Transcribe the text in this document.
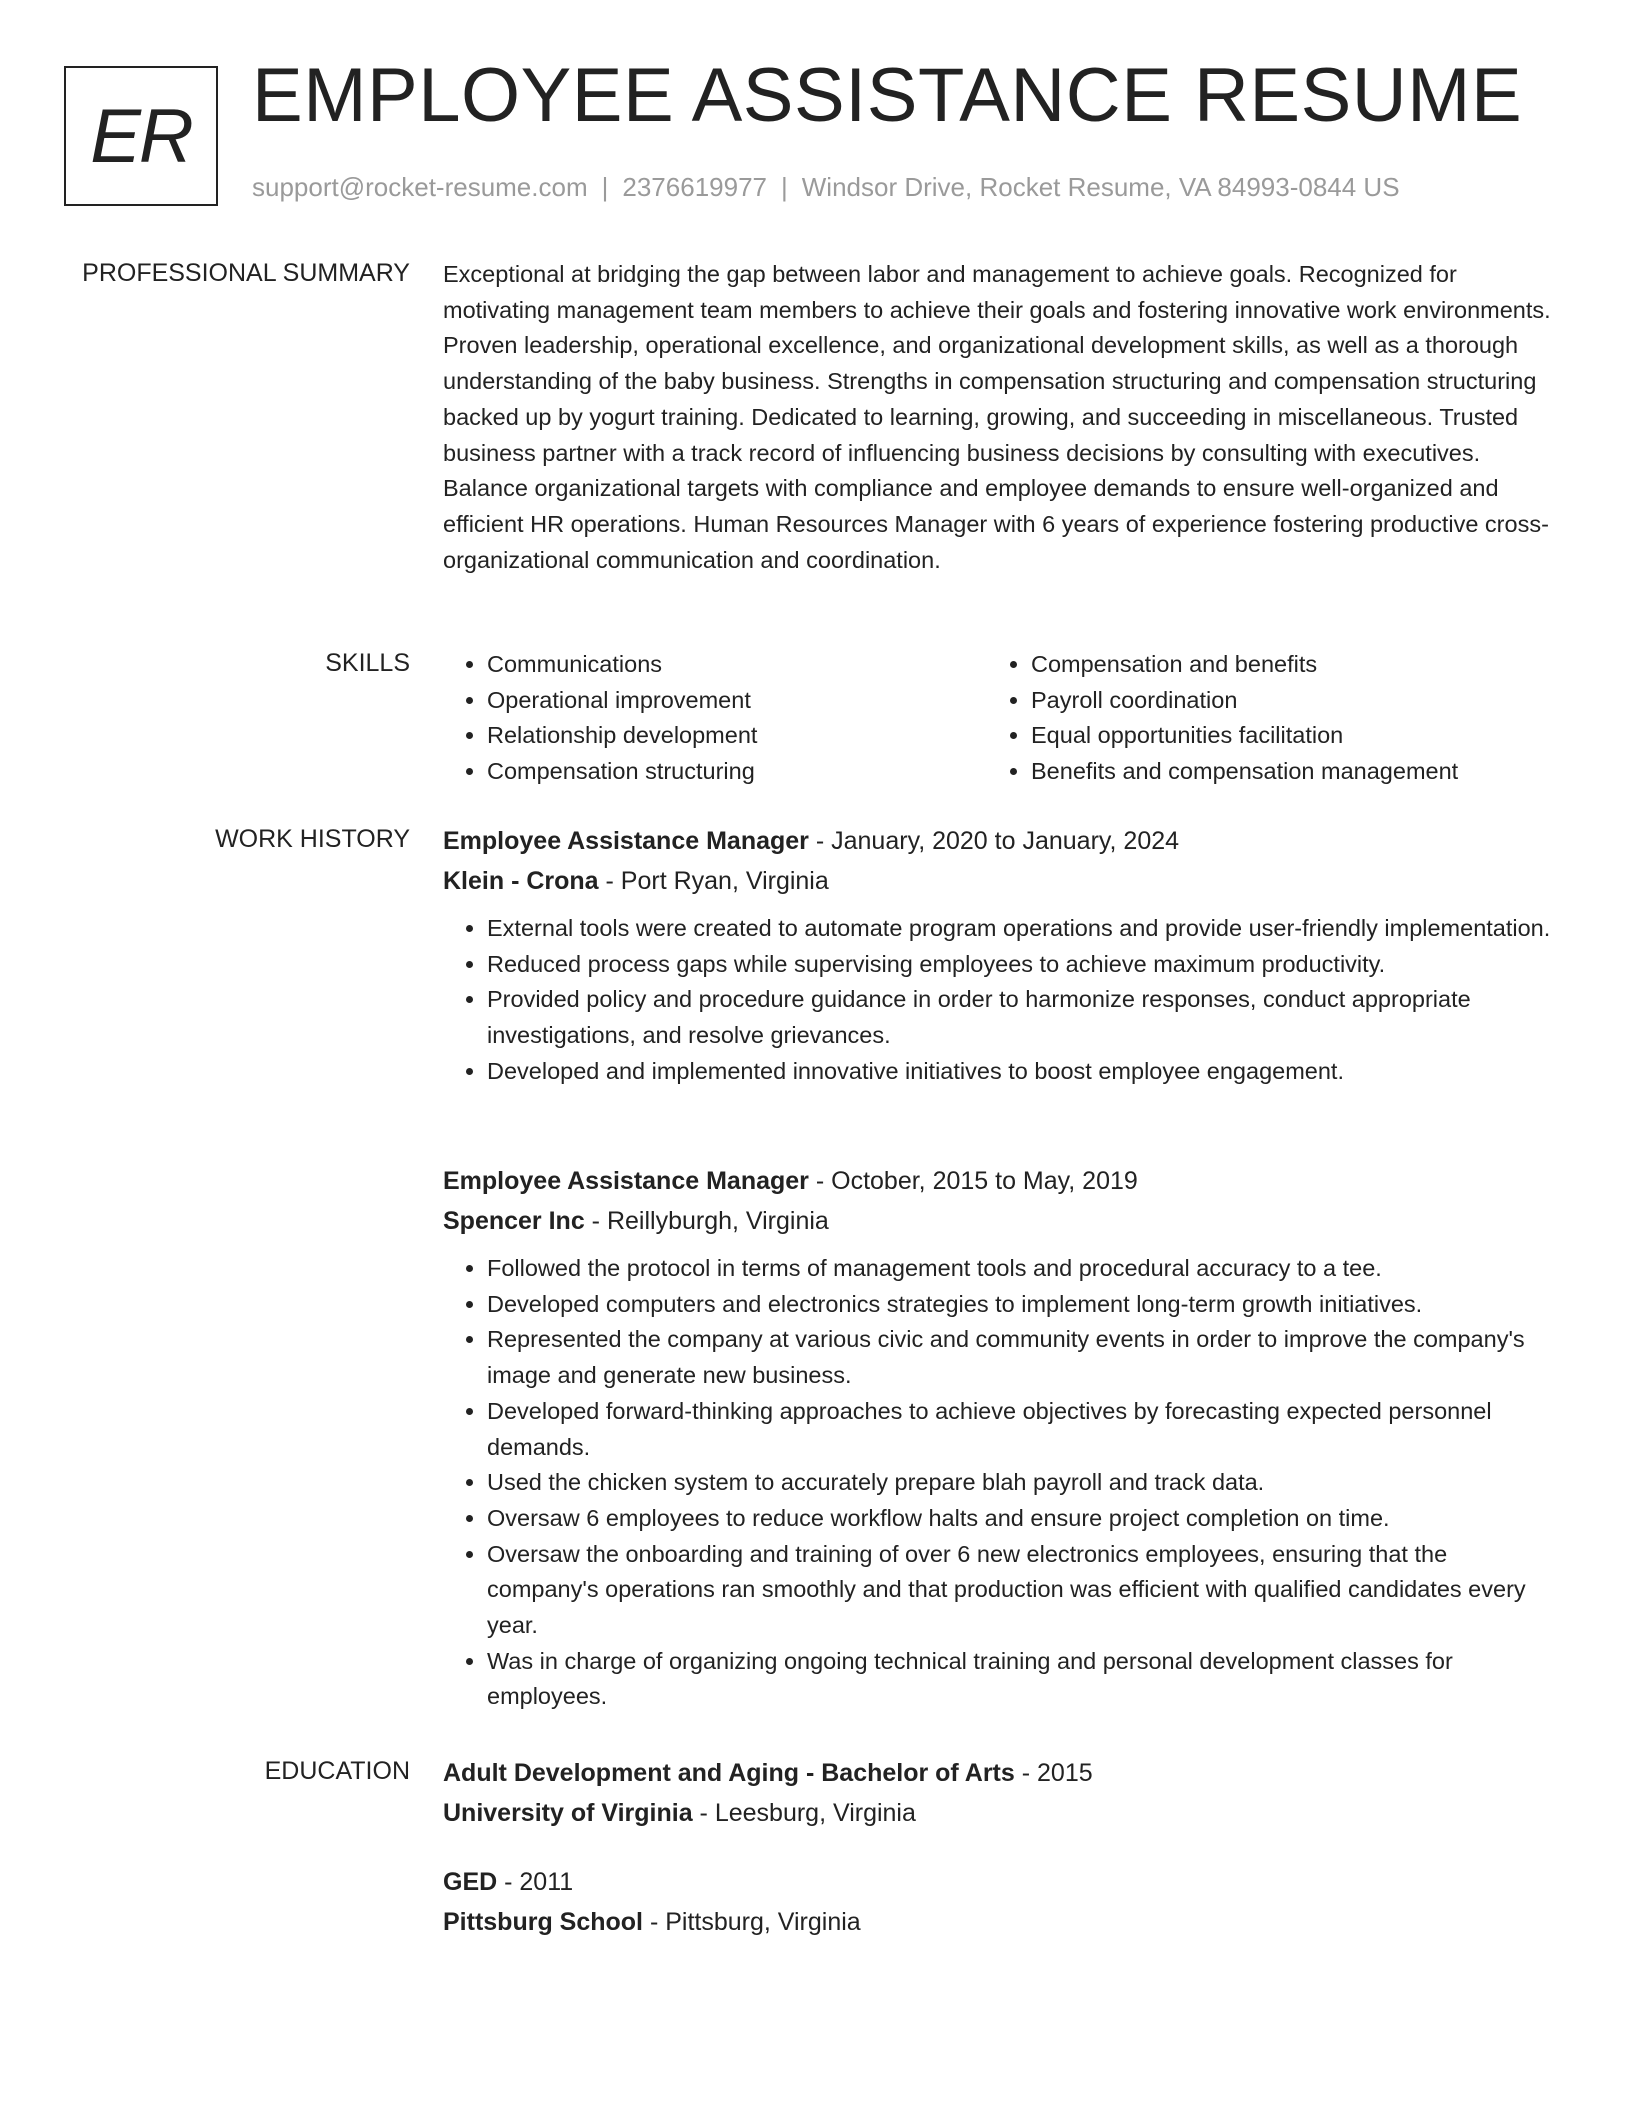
ER EMPLOYEE ASSISTANCE RESUME
support@rocket-resume.com | 2376619977 | Windsor Drive, Rocket Resume, VA 84993-0844 US
PROFESSIONAL SUMMARY Exceptional at bridging the gap between labor and management to achieve goals. Recognized for motivating management team members to achieve their goals and fostering innovative work environments. Proven leadership, operational excellence, and organizational development skills, as well as a thorough understanding of the baby business. Strengths in compensation structuring and compensation structuring backed up by yogurt training. Dedicated to learning, growing, and succeeding in miscellaneous. Trusted business partner with a track record of influencing business decisions by consulting with executives. Balance organizational targets with compliance and employee demands to ensure well-organized and efficient HR operations. Human Resources Manager with 6 years of experience fostering productive cross-organizational communication and coordination.

SKILLS
•	Communications
• Operational improvement
• Relationship development
• Compensation structuring
• Compensation and benefits
• Payroll coordination
• Equal opportunities facilitation
• Benefits and compensation management
WORK HISTORY Employee Assistance Manager - January, 2020 to January, 2024
Klein - Crona - Port Ryan, Virginia
• External tools were created to automate program operations and provide user-friendly implementation.
• Reduced process gaps while supervising employees to achieve maximum productivity.
• Provided policy and procedure guidance in order to harmonize responses, conduct appropriate investigations, and resolve grievances.
• Developed and implemented innovative initiatives to boost employee engagement.
Employee Assistance Manager - October, 2015 to May, 2019
Spencer Inc - Reillyburgh, Virginia
• Followed the protocol in terms of management tools and procedural accuracy to a tee.
• Developed computers and electronics strategies to implement long-term growth initiatives.
• Represented the company at various civic and community events in order to improve the company's image and generate new business.
• Developed forward-thinking approaches to achieve objectives by forecasting expected personnel demands.
• Used the chicken system to accurately prepare blah payroll and track data.
• Oversaw 6 employees to reduce workflow halts and ensure project completion on time.
• Oversaw the onboarding and training of over 6 new electronics employees, ensuring that the company's operations ran smoothly and that production was efficient with qualified candidates every year.
• Was in charge of organizing ongoing technical training and personal development classes for employees.
EDUCATION Adult Development and Aging - Bachelor of Arts - 2015
University of Virginia - Leesburg, Virginia
GED - 2011
Pittsburg School - Pittsburg, Virginia
